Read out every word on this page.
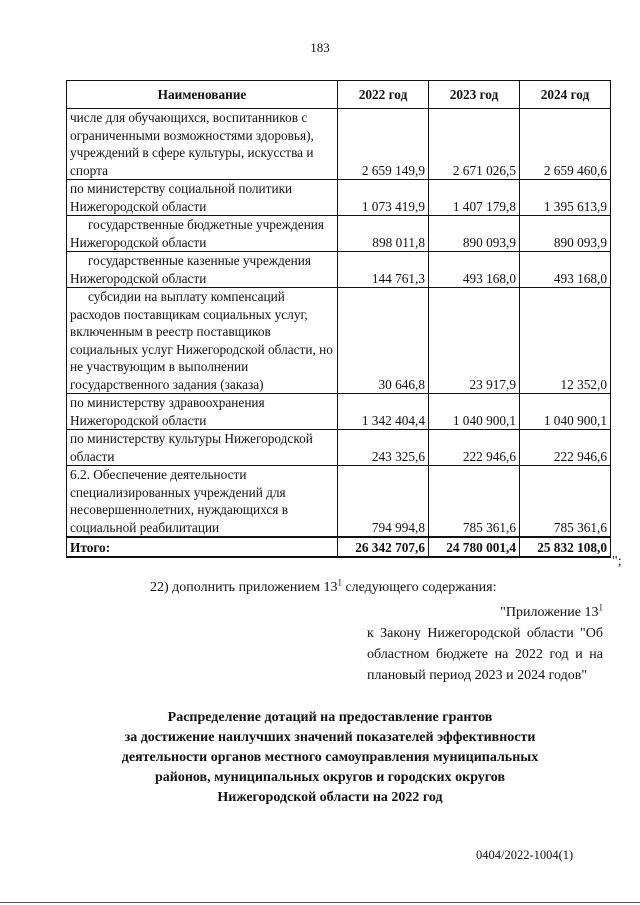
183
Наименование	2022 год	2023 год	2024 год
числе для обучающихся, воспитанников с ограниченными возможностями здоровья), учреждений в сфере культуры, искусства и спорта	2 659 149,9	2 671 026,5	2 659 460,6
по министерству социальной политики Нижегородской области	1 073 419,9	1 407 179,8	1 395 613,9
государственные бюджетные учреждения Нижегородской области	898 011,8	890 093,9	890 093,9
государственные казенные учреждения Нижегородской области	144 761,3	493 168,0	493 168,0
субсидии на выплату компенсаций расходов поставщикам социальных услуг, включенным в реестр поставщиков социальных услуг Нижегородской области, но не участвующим в выполнении государственного задания (заказа)	30 646,8	23 917,9	12 352,0
по министерству здравоохранения Нижегородской области	1 342 404,4	1 040 900,1	1 040 900,1
по министерству культуры Нижегородской области	243 325,6	222 946,6	222 946,6
6.2. Обеспечение деятельности специализированных учреждений для несовершеннолетних, нуждающихся в социальной реабилитации	794 994,8	785 361,6	785 361,6
Итого:	26 342 707,6	24 780 001,4	25 832 108,0
";
22) дополнить приложением $13^1$ следующего содержания:
"Приложение $13^1$
к Закону Нижегородской области "Об областном бюджете на 2022 год и на плановый период 2023 и 2024 годов"
Распределение дотаций на предоставление грантов
за достижение наилучших значений показателей эффективности
деятельности органов местного самоуправления муниципальных
районов, муниципальных округов и городских округов
Нижегородской области на 2022 год
0404/2022-1004(1)
